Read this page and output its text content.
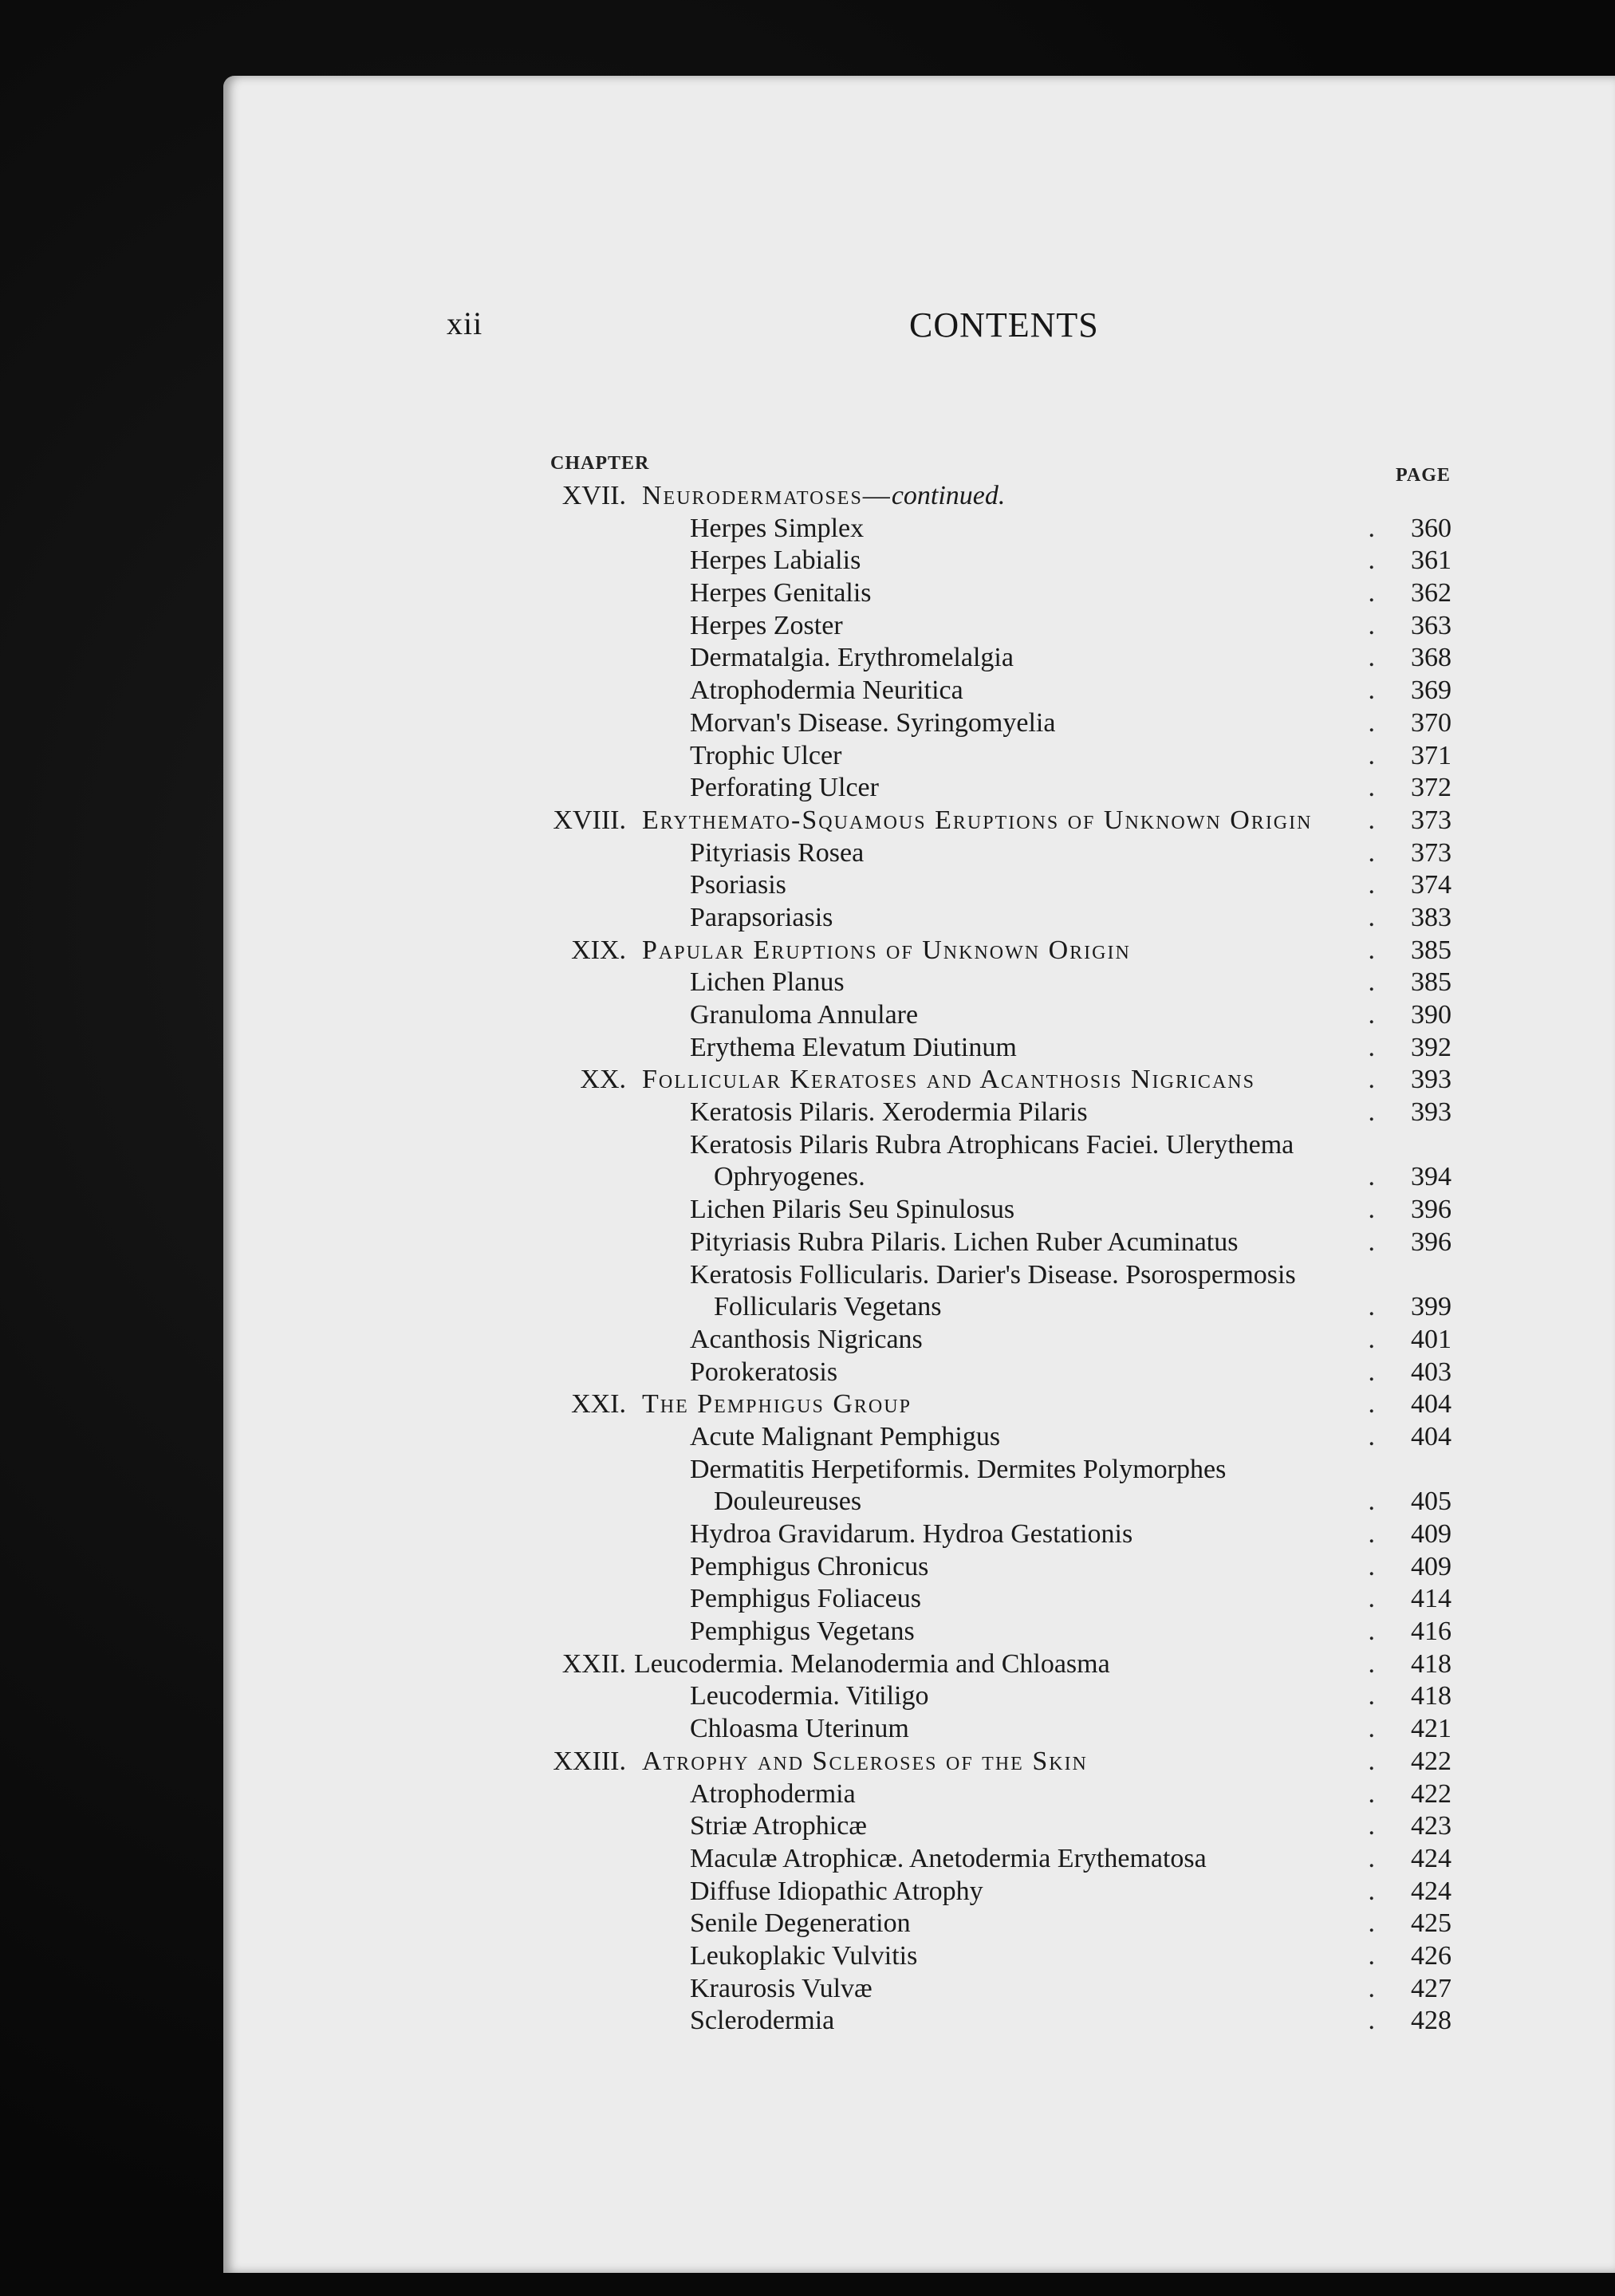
xii	CONTENTS
CHAPTER
PAGE
XVII. Neurodermatoses—continued.
Herpes Simplex	. 360
Herpes Labialis	. 361
Herpes Genitalis	. 362
Herpes Zoster	. 363
Dermatalgia. Erythromelalgia	. 368
Atrophodermia Neuritica	. 369
Morvan's Disease. Syringomyelia	. 370
Trophic Ulcer	. 371
Perforating Ulcer	. 372
XVIII. Erythemato-Squamous Eruptions of Unknown Origin . 373
Pityriasis Rosea	. 373
Psoriasis	. 374
Parapsoriasis	. 383
XIX. Papular Eruptions of Unknown Origin	. 385
Lichen Planus	. 385
Granuloma Annulare	. 390
Erythema Elevatum Diutinum	. 392
XX. Follicular Keratoses and Acanthosis Nigricans	. 393
Keratosis Pilaris. Xerodermia Pilaris	. 393
Keratosis Pilaris Rubra Atrophicans Faciei. Ulerythema
Ophryogenes.	. 394
Lichen Pilaris Seu Spinulosus	. 396
Pityriasis Rubra Pilaris. Lichen Ruber Acuminatus	. 396
Keratosis Follicularis. Darier's Disease. Psorospermosis
Follicularis Vegetans	. 399
Acanthosis Nigricans	. 401
Porokeratosis	. 403
XXI. The Pemphigus Group	. 404
Acute Malignant Pemphigus	. 404
Dermatitis Herpetiformis. Dermites Polymorphes
Douleureuses	. 405
Hydroa Gravidarum. Hydroa Gestationis	. 409
Pemphigus Chronicus	. 409
Pemphigus Foliaceus	. 414
Pemphigus Vegetans	. 416
XXII. Leucodermia. Melanodermia and Chloasma	. 418
Leucodermia. Vitiligo	. 418
Chloasma Uterinum	. 421
XXIII. Atrophy and Scleroses of the Skin	. 422
Atrophodermia	. 422
Striæ Atrophicæ	. 423
Maculæ Atrophicæ. Anetodermia Erythematosa	. 424
Diffuse Idiopathic Atrophy	. 424
Senile Degeneration	. 425
Leukoplakic Vulvitis	. 426
Kraurosis Vulvæ	. 427
Sclerodermia	. 428
